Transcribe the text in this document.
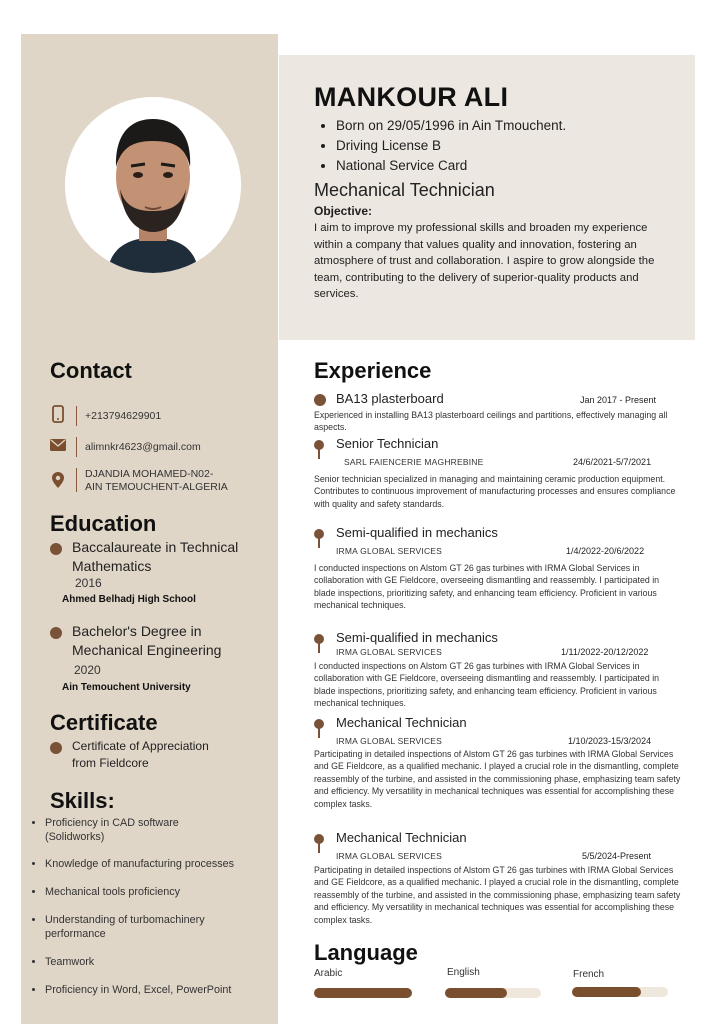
MANKOUR ALI
• Born on 29/05/1996 in Ain Tmouchent.
• Driving License B
• National Service Card
Mechanical Technician
Objective:
I aim to improve my professional skills and broaden my experience within a company that values quality and innovation, fostering an atmosphere of trust and collaboration. I aspire to grow alongside the team, contributing to the delivery of superior-quality products and services.
Contact
+213794629901
alimnkr4623@gmail.com
DJANDIA MOHAMED-N02-
AIN TEMOUCHENT-ALGERIA
Education
Baccalaureate in Technical
Mathematics
2016
Ahmed Belhadj High School
Bachelor's Degree in
Mechanical Engineering
2020
Ain Temouchent University
Certificate
Certificate of Appreciation
from Fieldcore
Skills:
• Proficiency in CAD software (Solidworks)
• Knowledge of manufacturing processes
• Mechanical tools proficiency
• Understanding of turbomachinery performance
• Teamwork
• Proficiency in Word, Excel, PowerPoint
Experience
BA13 plasterboard	Jan 2017 - Present
Experienced in installing BA13 plasterboard ceilings and partitions, effectively managing all aspects.
Senior Technician
SARL FAIENCERIE MAGHREBINE	24/6/2021-5/7/2021
Senior technician specialized in managing and maintaining ceramic production equipment. Contributes to continuous improvement of manufacturing processes and ensures compliance with quality and safety standards.
Semi-qualified in mechanics
IRMA GLOBAL SERVICES	1/4/2022-20/6/2022
I conducted inspections on Alstom GT 26 gas turbines with IRMA Global Services in collaboration with GE Fieldcore, overseeing dismantling and reassembly. I participated in blade inspections, prioritizing safety, and enhancing team efficiency. Proficient in various mechanical techniques.
Semi-qualified in mechanics
IRMA GLOBAL SERVICES	1/11/2022-20/12/2022
I conducted inspections on Alstom GT 26 gas turbines with IRMA Global Services in collaboration with GE Fieldcore, overseeing dismantling and reassembly. I participated in blade inspections, prioritizing safety, and enhancing team efficiency. Proficient in various mechanical techniques.
Mechanical Technician
IRMA GLOBAL SERVICES	1/10/2023-15/3/2024
Participating in detailed inspections of Alstom GT 26 gas turbines with IRMA Global Services and GE Fieldcore, as a qualified mechanic. I played a crucial role in the dismantling, complete reassembly of the turbine, and assisted in the commissioning phase, emphasizing team safety and efficiency. My versatility in mechanical techniques was essential for accomplishing these complex tasks.
Mechanical Technician
IRMA GLOBAL SERVICES	5/5/2024-Present
Participating in detailed inspections of Alstom GT 26 gas turbines with IRMA Global Services and GE Fieldcore, as a qualified mechanic. I played a crucial role in the dismantling, complete reassembly of the turbine, and assisted in the commissioning phase, emphasizing team safety and efficiency. My versatility in mechanical techniques was essential for accomplishing these complex tasks.
Language
Arabic	English	French
